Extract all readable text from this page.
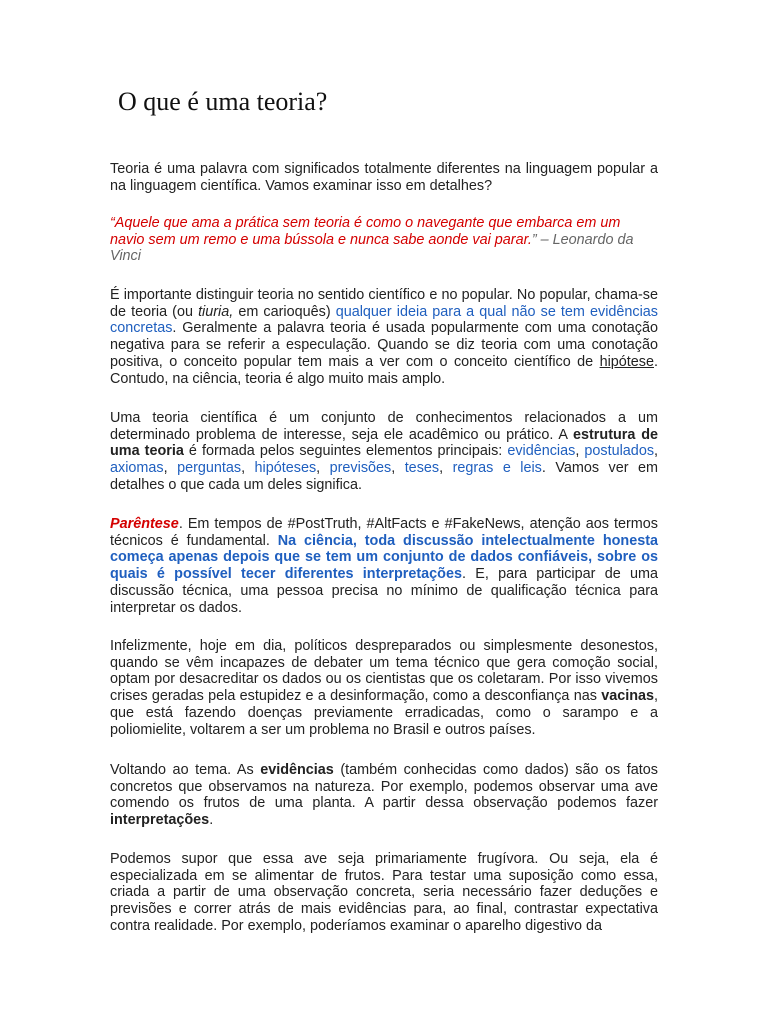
O que é uma teoria?

Teoria é uma palavra com significados totalmente diferentes na linguagem popular a na linguagem científica. Vamos examinar isso em detalhes?

“Aquele que ama a prática sem teoria é como o navegante que embarca em um navio sem um remo e uma bússola e nunca sabe aonde vai parar.” – Leonardo da Vinci

É importante distinguir teoria no sentido científico e no popular. No popular, chama-se de teoria (ou tiuria, em carioquês) qualquer ideia para a qual não se tem evidências concretas. Geralmente a palavra teoria é usada popularmente com uma conotação negativa para se referir a especulação. Quando se diz teoria com uma conotação positiva, o conceito popular tem mais a ver com o conceito científico de hipótese. Contudo, na ciência, teoria é algo muito mais amplo.

Uma teoria científica é um conjunto de conhecimentos relacionados a um determinado problema de interesse, seja ele acadêmico ou prático. A estrutura de uma teoria é formada pelos seguintes elementos principais: evidências, postulados, axiomas, perguntas, hipóteses, previsões, teses, regras e leis. Vamos ver em detalhes o que cada um deles significa.

Parêntese. Em tempos de #PostTruth, #AltFacts e #FakeNews, atenção aos termos técnicos é fundamental. Na ciência, toda discussão intelectualmente honesta começa apenas depois que se tem um conjunto de dados confiáveis, sobre os quais é possível tecer diferentes interpretações. E, para participar de uma discussão técnica, uma pessoa precisa no mínimo de qualificação técnica para interpretar os dados.

Infelizmente, hoje em dia, políticos despreparados ou simplesmente desonestos, quando se vêm incapazes de debater um tema técnico que gera comoção social, optam por desacreditar os dados ou os cientistas que os coletaram. Por isso vivemos crises geradas pela estupidez e a desinformação, como a desconfiança nas vacinas, que está fazendo doenças previamente erradicadas, como o sarampo e a poliomielite, voltarem a ser um problema no Brasil e outros países.

Voltando ao tema. As evidências (também conhecidas como dados) são os fatos concretos que observamos na natureza. Por exemplo, podemos observar uma ave comendo os frutos de uma planta. A partir dessa observação podemos fazer interpretações.

Podemos supor que essa ave seja primariamente frugívora. Ou seja, ela é especializada em se alimentar de frutos. Para testar uma suposição como essa, criada a partir de uma observação concreta, seria necessário fazer deduções e previsões e correr atrás de mais evidências para, ao final, contrastar expectativa contra realidade. Por exemplo, poderíamos examinar o aparelho digestivo da
